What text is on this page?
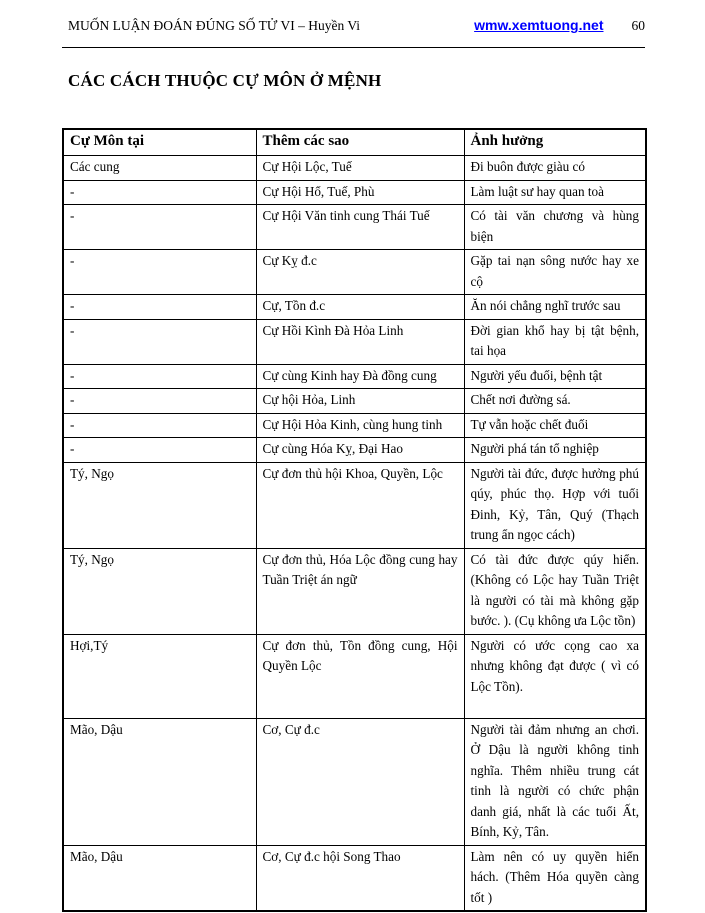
MUỐN LUẬN ĐOÁN ĐÚNG SỐ TỬ VI – Huyền Vi	wmw.xemtuong.net 60
CÁC CÁCH THUỘC CỰ MÔN Ở MỆNH
Cự Môn tại	Thêm các sao	Ảnh hưởng
Các cung	Cự Hội Lộc, Tuế	Đi buôn được giàu có
-	Cự Hội Hổ, Tuế, Phù	Làm luật sư hay quan toà
-	Cự Hội Văn tinh cung Thái Tuế	Có tài văn chương và hùng biện
-	Cự Kỵ đ.c	Gặp tai nạn sông nước hay xe cộ
-	Cự, Tồn đ.c	Ăn nói chẳng nghĩ trước sau
-	Cự Hồi Kình Đà Hỏa Linh	Đời gian khổ hay bị tật bệnh, tai họa
-	Cự cùng Kinh hay Đà đồng cung	Người yếu đuối, bệnh tật
-	Cự hội Hỏa, Linh	Chết nơi đường sá.
-	Cự Hội Hỏa Kinh, cùng hung tinh	Tự vẫn hoặc chết đuối
-	Cự cùng Hóa Kỵ, Đại Hao	Người phá tán tổ nghiệp
Tý, Ngọ	Cự đơn thủ hội Khoa, Quyền, Lộc	Người tài đức, được hưởng phú qúy, phúc thọ. Hợp với tuổi Đinh, Kỷ, Tân, Quý (Thạch trung ẩn ngọc cách)
Tý, Ngọ	Cự đơn thủ, Hóa Lộc đồng cung hay Tuần Triệt án ngữ	Có tài đức được qúy hiển. (Không có Lộc hay Tuần Triệt là người có tài mà không gặp bước. ). (Cụ không ưa Lộc tồn)
Hợi,Tý	Cự đơn thủ, Tồn đồng cung, Hội Quyền Lộc	Người có ước cọng cao xa nhưng không đạt được ( vì có Lộc Tồn).
Mão, Dậu	Cơ, Cự đ.c	Người tài đảm nhưng an chơi. Ở Dậu là người không tinh nghĩa. Thêm nhiều trung cát tinh là người có chức phận danh giá, nhất là các tuổi Ất, Bính, Kỷ, Tân.
Mão, Dậu	Cơ, Cự đ.c hội Song Thao	Làm nên có uy quyền hiển hách. (Thêm Hóa quyền càng tốt )
